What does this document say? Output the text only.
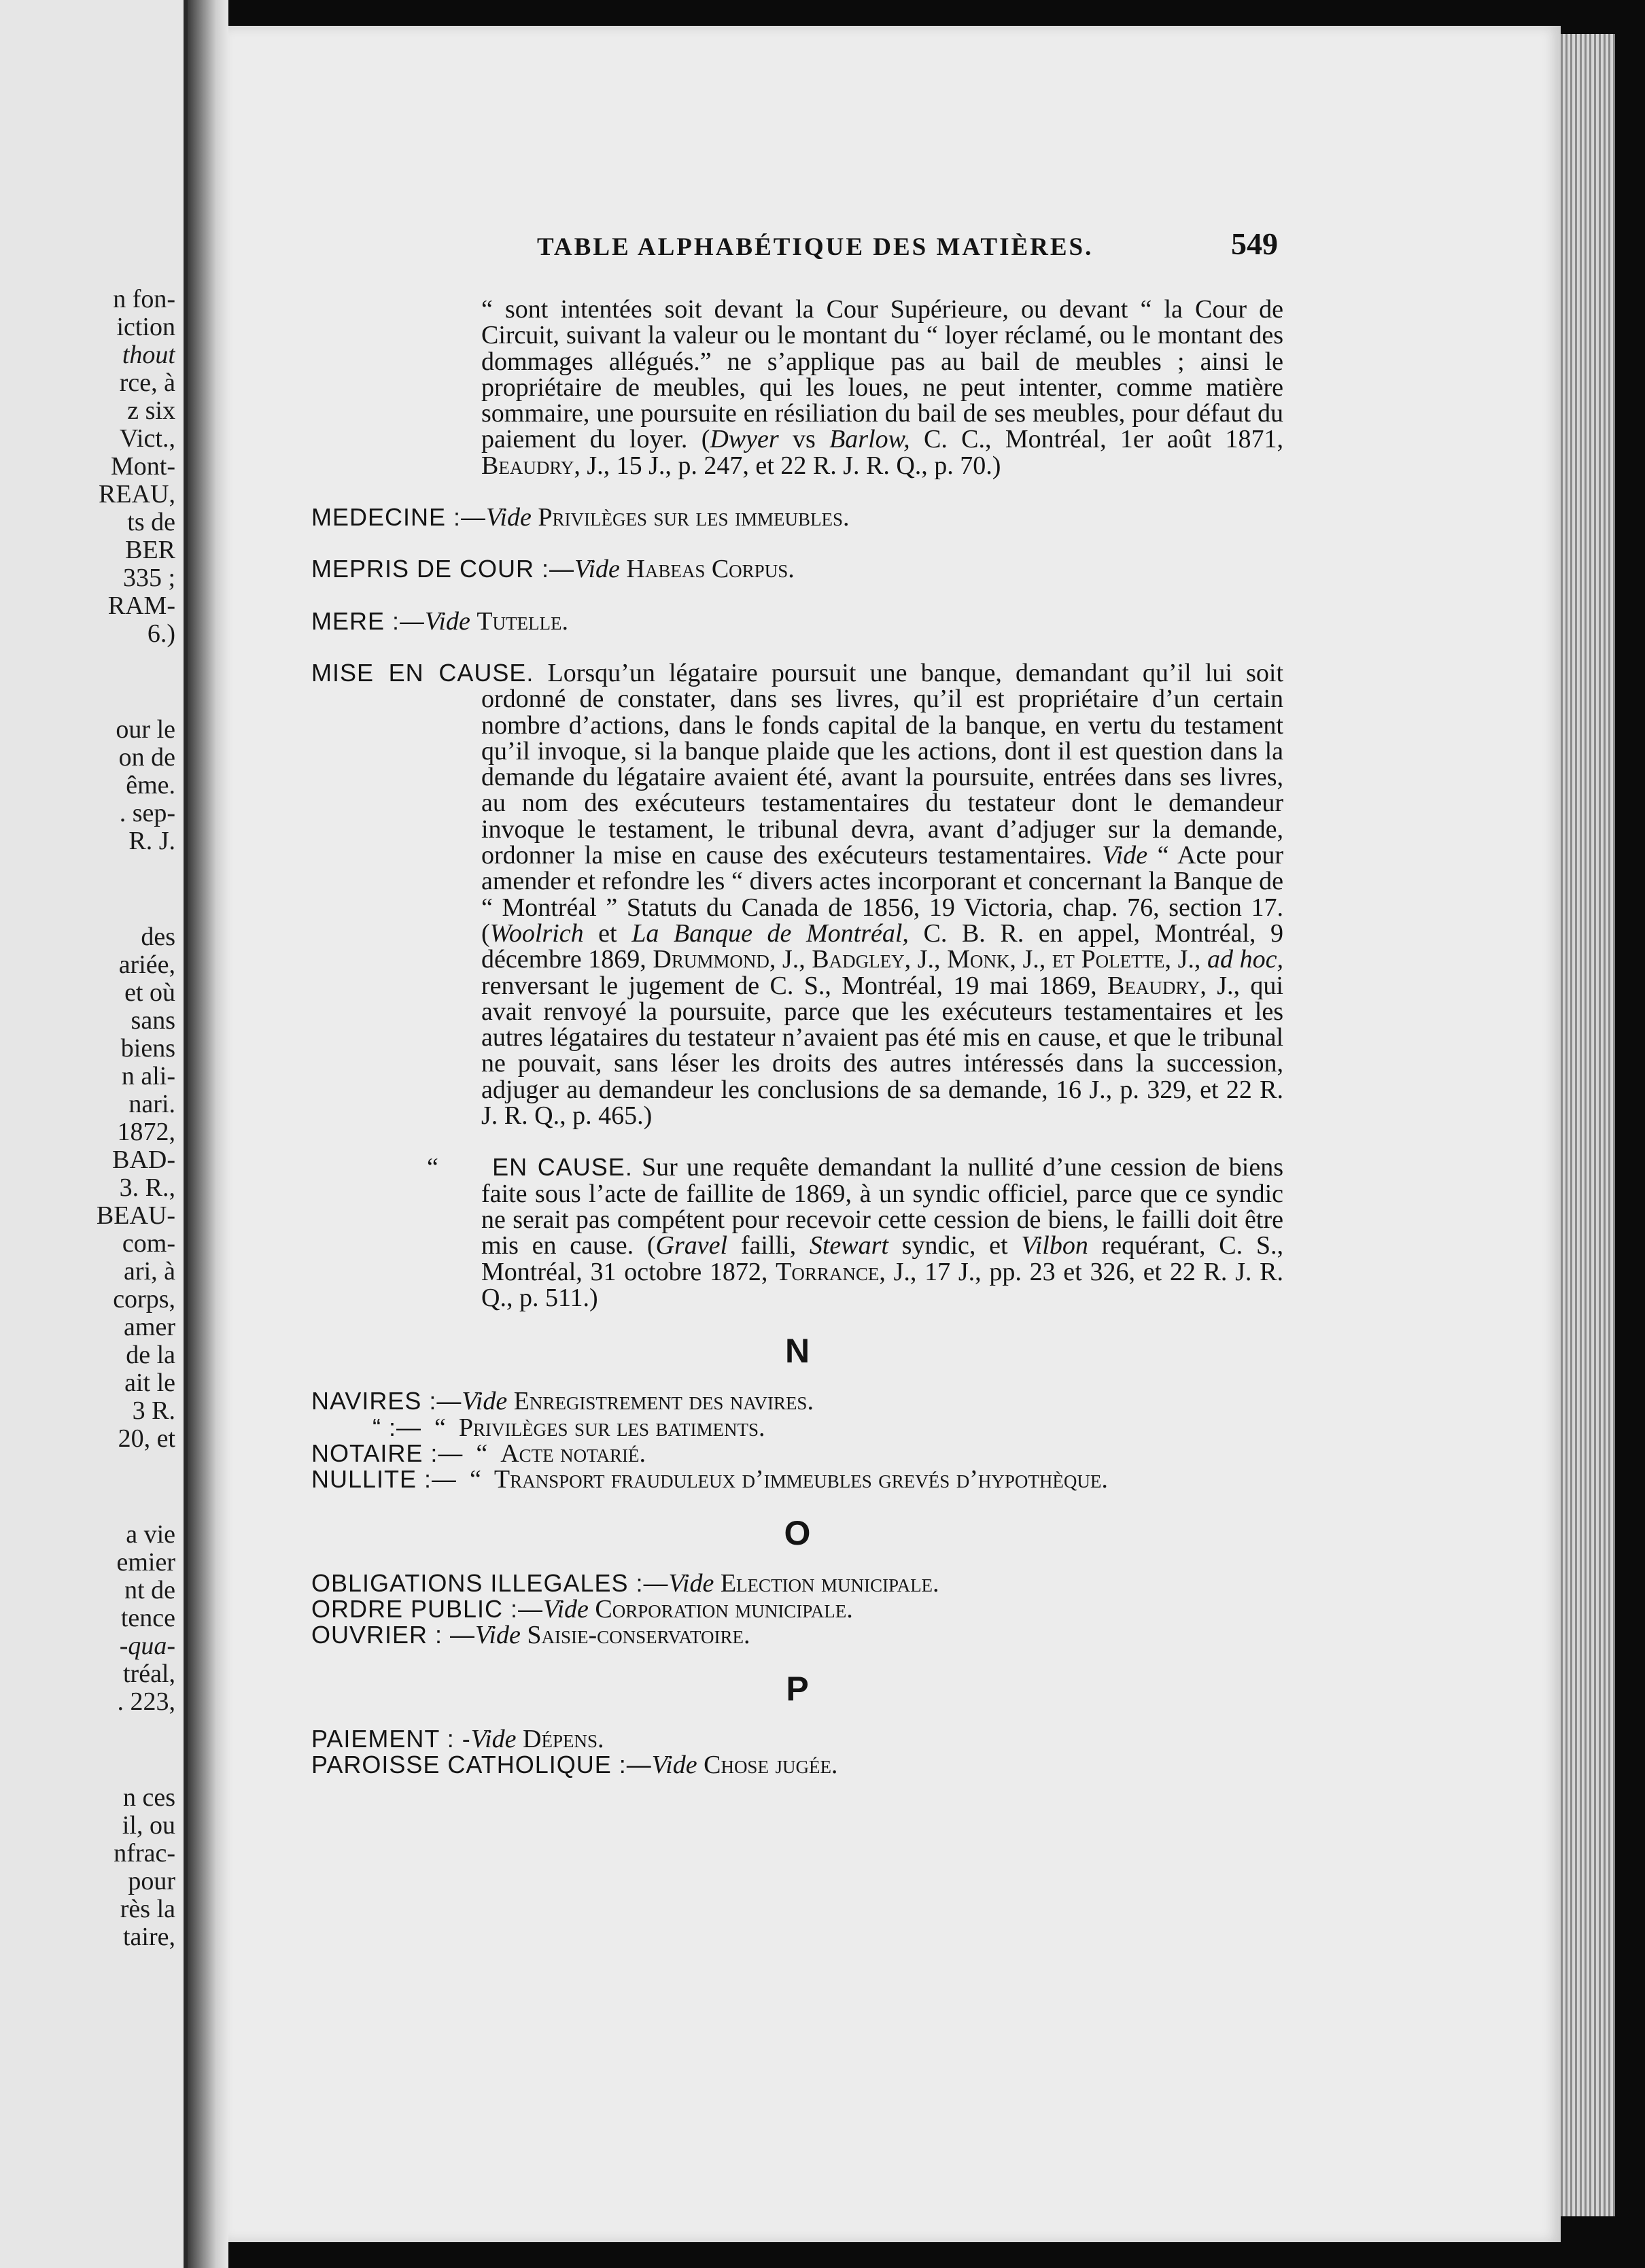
n fon-
iction
thout
rce, à
z six
Vict.,
Mont-
REAU,
ts de
BER
335 ;
RAM-
6.)
our le
on de
ême.
. sep-
R. J.
des
ariée,
et où
sans
biens
n ali-
nari.
1872,
BAD-
3. R.,
BEAU-
com-
ari, à
corps,
amer
de la
ait le
3 R.
20, et
a vie
emier
nt de
tence
-qua-
tréal,
. 223,
n ces
il, ou
nfrac-
pour
rès la
taire,
TABLE ALPHABÉTIQUE DES MATIÈRES.	549

“ sont intentées soit devant la Cour Supérieure, ou devant “ la Cour de Circuit, suivant la valeur ou le montant du “ loyer réclamé, ou le montant des dommages allégués.” ne s’applique pas au bail de meubles ; ainsi le propriétaire de meubles, qui les loues, ne peut intenter, comme matière sommaire, une poursuite en résiliation du bail de ses meubles, pour défaut du paiement du loyer. (Dwyer vs Barlow, C. C., Montréal, 1er août 1871, Beaudry, J., 15 J., p. 247, et 22 R. J. R. Q., p. 70.)

MEDECINE :—Vide Privilèges sur les immeubles.

MEPRIS DE COUR :—Vide Habeas Corpus.

MERE :—Vide Tutelle.

MISE EN CAUSE. Lorsqu’un légataire poursuit une banque, demandant qu’il lui soit ordonné de constater, dans ses livres, qu’il est propriétaire d’un certain nombre d’actions, dans le fonds capital de la banque, en vertu du testament qu’il invoque, si la banque plaide que les actions, dont il est question dans la demande du légataire avaient été, avant la poursuite, entrées dans ses livres, au nom des exécuteurs testamentaires du testateur dont le demandeur invoque le testament, le tribunal devra, avant d’adjuger sur la demande, ordonner la mise en cause des exécuteurs testamentaires. Vide “ Acte pour amender et refondre les “ divers actes incorporant et concernant la Banque de “ Montréal ” Statuts du Canada de 1856, 19 Victoria, chap. 76, section 17. (Woolrich et La Banque de Montréal, C. B. R. en appel, Montréal, 9 décembre 1869, Drummond, J., Badgley, J., Monk, J., et Polette, J., ad hoc, renversant le jugement de C. S., Montréal, 19 mai 1869, Beaudry, J., qui avait renvoyé la poursuite, parce que les exécuteurs testamentaires et les autres légataires du testateur n’avaient pas été mis en cause, et que le tribunal ne pouvait, sans léser les droits des autres intéressés dans la succession, adjuger au demandeur les conclusions de sa demande, 16 J., p. 329, et 22 R. J. R. Q., p. 465.)

“ EN CAUSE. Sur une requête demandant la nullité d’une cession de biens faite sous l’acte de faillite de 1869, à un syndic officiel, parce que ce syndic ne serait pas compétent pour recevoir cette cession de biens, le failli doit être mis en cause. (Gravel failli, Stewart syndic, et Vilbon requérant, C. S., Montréal, 31 octobre 1872, Torrance, J., 17 J., pp. 23 et 326, et 22 R. J. R. Q., p. 511.)

N

NAVIRES :—Vide Enregistrement des navires.

“ :— “ Privilèges sur les batiments.

NOTAIRE :— “ Acte notarié.

NULLITE :— “ Transport frauduleux d’immeubles grevés d’hypothèque.

O

OBLIGATIONS ILLEGALES :—Vide Election municipale.

ORDRE PUBLIC :—Vide Corporation municipale.

OUVRIER : —Vide Saisie-conservatoire.

P

PAIEMENT : -Vide Dépens.

PAROISSE CATHOLIQUE :—Vide Chose jugée.
